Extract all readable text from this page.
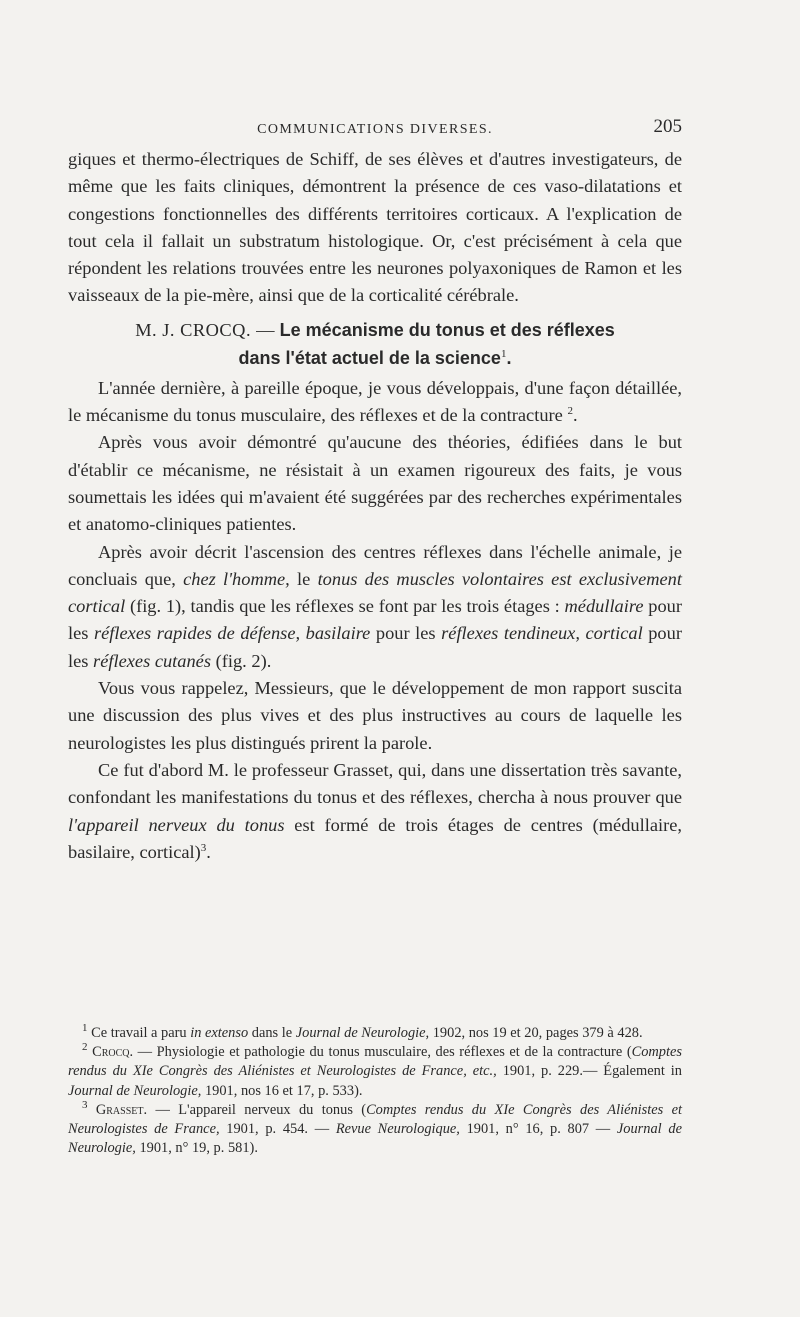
COMMUNICATIONS DIVERSES.	205

giques et thermo-électriques de Schiff, de ses élèves et d'autres investigateurs, de même que les faits cliniques, démontrent la présence de ces vaso-dilatations et congestions fonctionnelles des différents territoires corticaux. A l'explication de tout cela il fallait un substratum histologique. Or, c'est précisément à cela que répondent les relations trouvées entre les neurones polyaxoniques de Ramon et les vaisseaux de la pie-mère, ainsi que de la corticalité cérébrale.

M. J. CROCQ. — Le mécanisme du tonus et des réflexes
dans l'état actuel de la science$^1$.

L'année dernière, à pareille époque, je vous développais, d'une façon détaillée, le mécanisme du tonus musculaire, des réflexes et de la contracture $^2$.

Après vous avoir démontré qu'aucune des théories, édifiées dans le but d'établir ce mécanisme, ne résistait à un examen rigoureux des faits, je vous soumettais les idées qui m'avaient été suggérées par des recherches expérimentales et anatomo-cliniques patientes.

Après avoir décrit l'ascension des centres réflexes dans l'échelle animale, je concluais que, chez l'homme, le tonus des muscles volontaires est exclusivement cortical (fig. 1), tandis que les réflexes se font par les trois étages : médullaire pour les réflexes rapides de défense, basilaire pour les réflexes tendineux, cortical pour les réflexes cutanés (fig. 2).

Vous vous rappelez, Messieurs, que le développement de mon rapport suscita une discussion des plus vives et des plus instructives au cours de laquelle les neurologistes les plus distingués prirent la parole.

Ce fut d'abord M. le professeur Grasset, qui, dans une dissertation très savante, confondant les manifestations du tonus et des réflexes, chercha à nous prouver que l'appareil nerveux du tonus est formé de trois étages de centres (médullaire, basilaire, cortical)$^3$.

$^1$ Ce travail a paru in extenso dans le Journal de Neurologie, 1902, nos 19 et 20, pages 379 à 428.

$^2$ Crocq. — Physiologie et pathologie du tonus musculaire, des réflexes et de la contracture (Comptes rendus du XIe Congrès des Aliénistes et Neurologistes de France, etc., 1901, p. 229.— Également in Journal de Neurologie, 1901, nos 16 et 17, p. 533).

$^3$ Grasset. — L'appareil nerveux du tonus (Comptes rendus du XIe Congrès des Aliénistes et Neurologistes de France, 1901, p. 454. — Revue Neurologique, 1901, n° 16, p. 807 — Journal de Neurologie, 1901, n° 19, p. 581).
